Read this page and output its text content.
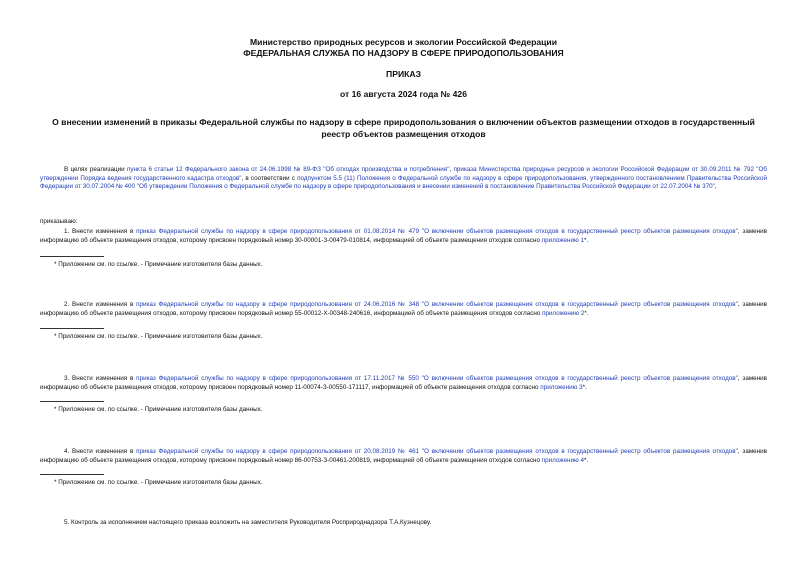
Министерство природных ресурсов и экологии Российской Федерации
ФЕДЕРАЛЬНАЯ СЛУЖБА ПО НАДЗОРУ В СФЕРЕ ПРИРОДОПОЛЬЗОВАНИЯ
ПРИКАЗ
от 16 августа 2024 года № 426
О внесении изменений в приказы Федеральной службы по надзору в сфере природопользования о включении объектов размещении отходов в государственный реестр объектов размещения отходов
В целях реализации пункта 6 статьи 12 Федерального закона от 24.06.1998 № 89-ФЗ "Об отходах производства и потребления", приказа Министерства природных ресурсов и экологии Российской Федерации от 30.09.2011 № 792 "Об утверждении Порядка ведения государственного кадастра отходов", в соответствии с подпунктом 5.5 (11) Положения о Федеральной службе по надзору в сфере природопользования, утвержденного постановлением Правительства Российской Федерации от 30.07.2004 № 400 "Об утверждении Положения о Федеральной службе по надзору в сфере природопользования и внесении изменений в постановление Правительства Российской Федерации от 22.07.2004 № 370",
приказываю:
1. Внести изменения в приказ Федеральной службы по надзору в сфере природопользования от 01.08.2014 № 479 "О включении объектов размещения отходов в государственный реестр объектов размещения отходов", заменив информацию об объекте размещения отходов, которому присвоен порядковый номер 30-00001-З-00479-010814, информацией об объекте размещения отходов согласно приложению 1*.
* Приложение см. по ссылке. - Примечание изготовителя базы данных.
2. Внести изменения в приказ Федеральной службы по надзору в сфере природопользования от 24.06.2016 № 348 "О включении объектов размещения отходов в государственный реестр объектов размещения отходов", заменив информацию об объекте размещения отходов, которому присвоен порядковый номер 55-00012-Х-00348-240616, информацией об объекте размещения отходов согласно приложению 2*.
* Приложение см. по ссылке. - Примечание изготовителя базы данных.
3. Внести изменения в приказ Федеральной службы по надзору в сфере природопользования от 17.11.2017 № 550 "О включении объектов размещения отходов в государственный реестр объектов размещения отходов", заменив информацию об объекте размещения отходов, которому присвоен порядковый номер 11-00074-З-00550-171117, информацией об объекте размещения отходов согласно приложению 3*.
* Приложение см. по ссылке. - Примечание изготовителя базы данных.
4. Внести изменения в приказ Федеральной службы по надзору в сфере природопользования от 20.08.2019 № 461 "О включении объектов размещения отходов в государственный реестр объектов размещения отходов", заменив информацию об объекте размещения отходов, которому присвоен порядковый номер 86-00753-З-00461-200819, информацией об объекте размещения отходов согласно приложению 4*.
* Приложение см. по ссылке. - Примечание изготовителя базы данных.
5. Контроль за исполнением настоящего приказа возложить на заместителя Руководителя Росприроднадзора Т.А.Кузнецову.
